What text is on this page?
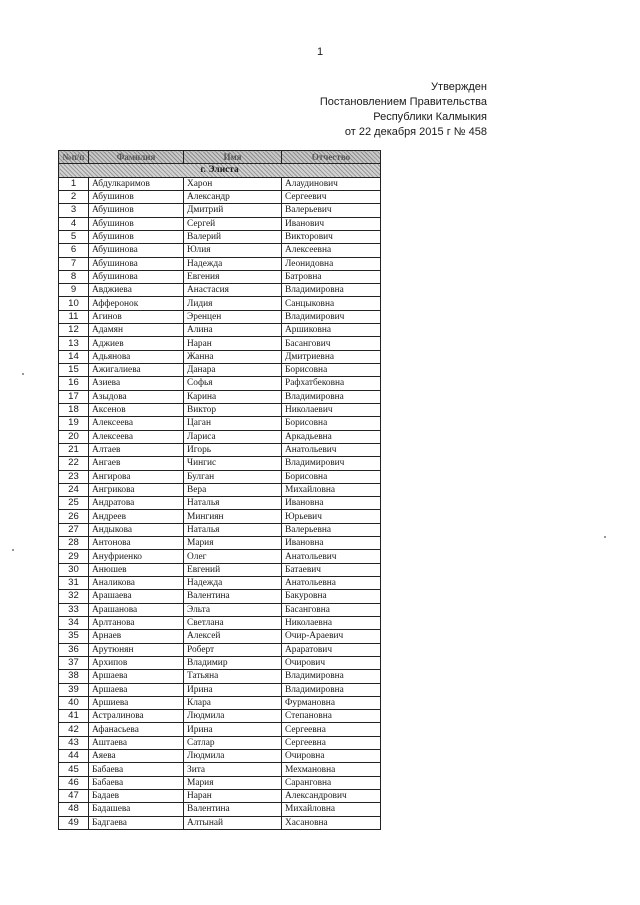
1
Утвержден
Постановлением Правительства
Республики Калмыкия
от 22 декабря 2015 г № 458
№п/п	Фамилия	Имя	Отчество
г. Элиста			
1	Абдулкаримов	Харон	Алаудинович
2	Абушинов	Александр	Сергеевич
3	Абушинов	Дмитрий	Валерьевич
4	Абушинов	Сергей	Иванович
5	Абушинов	Валерий	Викторович
6	Абушинова	Юлия	Алексеевна
7	Абушинова	Надежда	Леонидовна
8	Абушинова	Евгения	Батровна
9	Авджиева	Анастасия	Владимировна
10	Афферонок	Лидия	Санцыковна
11	Агинов	Эренцен	Владимирович
12	Адамян	Алина	Аршиковна
13	Аджиев	Наран	Басангович
14	Адьянова	Жанна	Дмитриевна
15	Ажигалиева	Данара	Борисовна
16	Азиева	Софья	Рафхатбековна
17	Азыдова	Карина	Владимировна
18	Аксенов	Виктор	Николаевич
19	Алексеева	Цаган	Борисовна
20	Алексеева	Лариса	Аркадьевна
21	Алтаев	Игорь	Анатольевич
22	Ангаев	Чингис	Владимирович
23	Ангирова	Булган	Борисовна
24	Ангрикова	Вера	Михайловна
25	Андратова	Наталья	Ивановна
26	Андреев	Мингиян	Юрьевич
27	Андыкова	Наталья	Валерьевна
28	Антонова	Мария	Ивановна
29	Ануфриенко	Олег	Анатольевич
30	Анюшев	Евгений	Батаевич
31	Аналикова	Надежда	Анатольевна
32	Арашаева	Валентина	Бакуровна
33	Арашанова	Эльта	Басанговна
34	Арлтанова	Светлана	Николаевна
35	Арнаев	Алексей	Очир-Араевич
36	Арутюнян	Роберт	Араратович
37	Архипов	Владимир	Очирович
38	Аршаева	Татьяна	Владимировна
39	Аршаева	Ирина	Владимировна
40	Аршиева	Клара	Фурмановна
41	Астралинова	Людмила	Степановна
42	Афанасьева	Ирина	Сергеевна
43	Аштаева	Сатлар	Сергеевна
44	Аяева	Людмила	Очировна
45	Бабаева	Зита	Мехмановна
46	Бабаева	Мария	Саранговна
47	Бадаев	Наран	Александрович
48	Бадашева	Валентина	Михайловна
49	Бадгаева	Алтынай	Хасановна
